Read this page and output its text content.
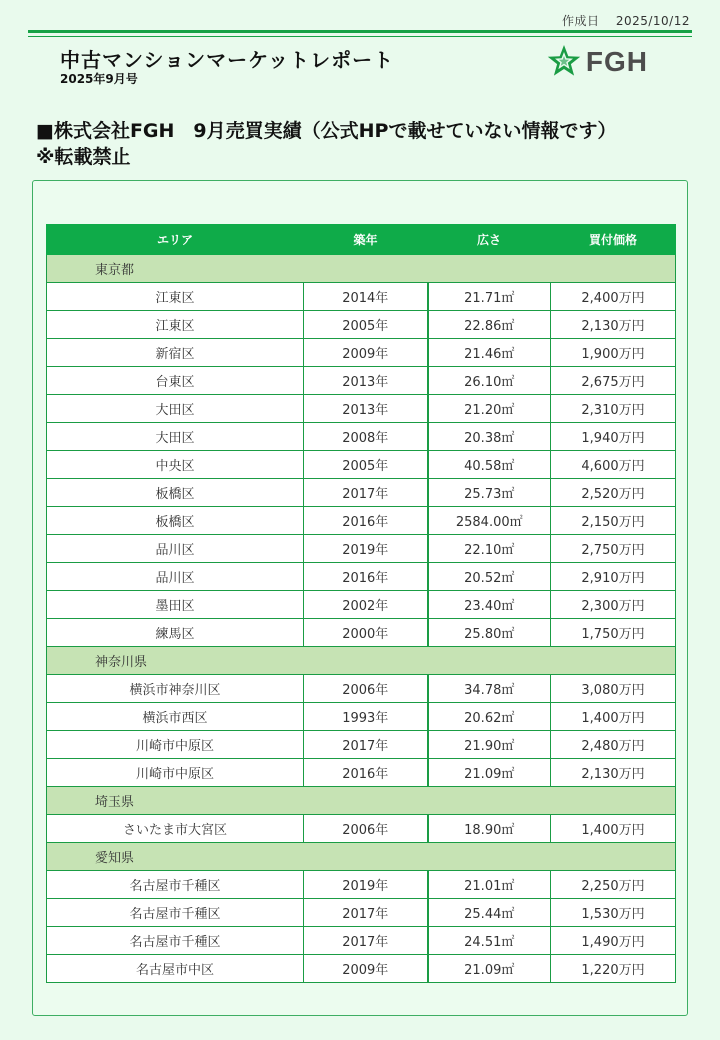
作成日 2025/10/12
中古マンションマーケットレポート
2025年9月号
FGH
■株式会社FGH　9月売買実績（公式HPで載せていない情報です）
※転載禁止
エリア	築年	広さ	買付価格
東京都			
江東区	2014年	21.71㎡	2,400万円
江東区	2005年	22.86㎡	2,130万円
新宿区	2009年	21.46㎡	1,900万円
台東区	2013年	26.10㎡	2,675万円
大田区	2013年	21.20㎡	2,310万円
大田区	2008年	20.38㎡	1,940万円
中央区	2005年	40.58㎡	4,600万円
板橋区	2017年	25.73㎡	2,520万円
板橋区	2016年	2584.00㎡	2,150万円
品川区	2019年	22.10㎡	2,750万円
品川区	2016年	20.52㎡	2,910万円
墨田区	2002年	23.40㎡	2,300万円
練馬区	2000年	25.80㎡	1,750万円
神奈川県			
横浜市神奈川区	2006年	34.78㎡	3,080万円
横浜市西区	1993年	20.62㎡	1,400万円
川崎市中原区	2017年	21.90㎡	2,480万円
川崎市中原区	2016年	21.09㎡	2,130万円
埼玉県			
さいたま市大宮区	2006年	18.90㎡	1,400万円
愛知県			
名古屋市千種区	2019年	21.01㎡	2,250万円
名古屋市千種区	2017年	25.44㎡	1,530万円
名古屋市千種区	2017年	24.51㎡	1,490万円
名古屋市中区	2009年	21.09㎡	1,220万円
